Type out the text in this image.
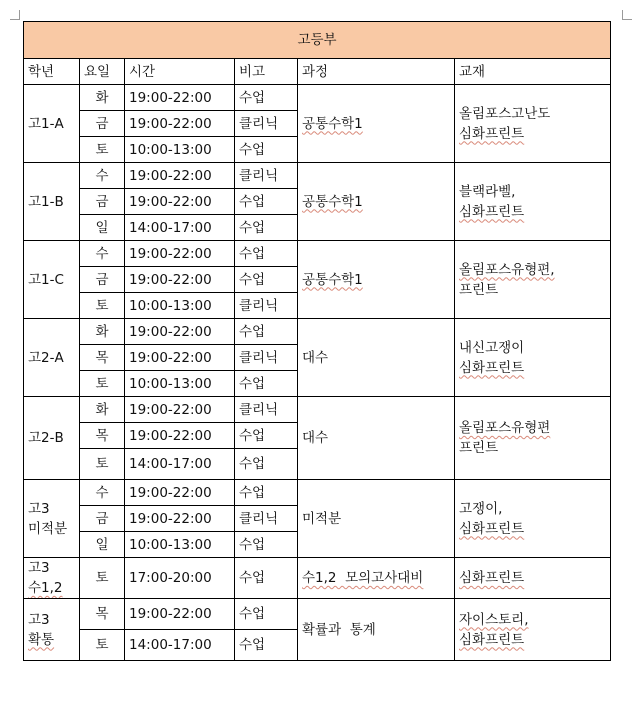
고등부					
학년	요일	시간	비고	과정	교재
고1-A	화	19:00-22:00	수업	공통수학1	올림포스고난도
심화프린트

	금	19:00-22:00	클리닉		
	토	10:00-13:00	수업		
고1-B	수	19:00-22:00	클리닉	공통수학1	블랙라벨,
심화프린트

	금	19:00-22:00	수업		
	일	14:00-17:00	수업		
고1-C	수	19:00-22:00	수업	공통수학1	올림포스유형편,
프린트

	금	19:00-22:00	수업		
	토	10:00-13:00	클리닉		
고2-A	화	19:00-22:00	수업	대수	내신고쟁이
심화프린트

	목	19:00-22:00	클리닉		
	토	10:00-13:00	수업		
고2-B	화	19:00-22:00	클리닉	대수	올림포스유형편
프린트

	목	19:00-22:00	수업		
	토	14:00-17:00	수업		

고3
미적분	수	19:00-22:00	수업	미적분	고쟁이,
심화프린트

	금	19:00-22:00	클리닉		
	일	10:00-13:00	수업		

고3
수1,2	토	17:00-20:00	수업	수1,2  모의고사대비	심화프린트

고3
확통	목	19:00-22:00	수업	확률과  통계	자이스토리,
심화프린트

	토	14:00-17:00	수업		
